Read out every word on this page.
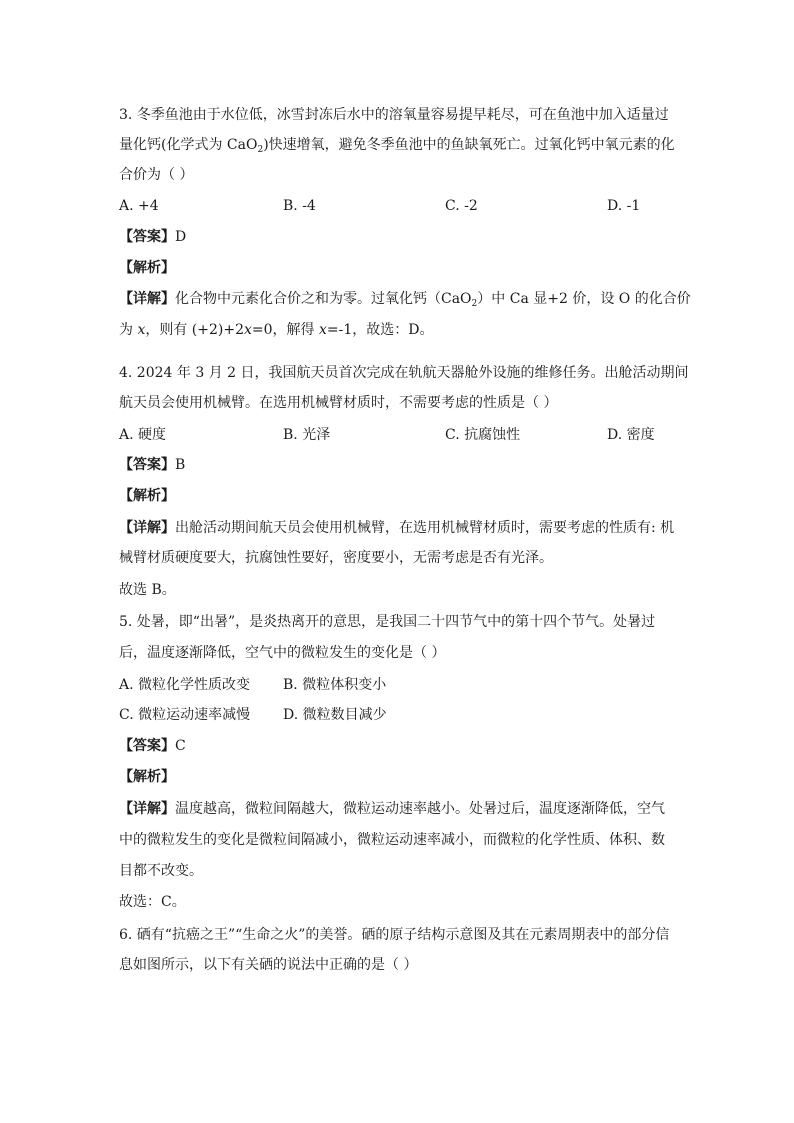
3. 冬季鱼池由于水位低，冰雪封冻后水中的溶氧量容易提早耗尽，可在鱼池中加入适量过
量化钙(化学式为 CaO$_2$)快速增氧，避免冬季鱼池中的鱼缺氧死亡。过氧化钙中氧元素的化
合价为（ ）
A. +4	B. -4	C. -2	D. -1
【答案】D
【解析】
【详解】化合物中元素化合价之和为零。过氧化钙（CaO$_2$）中 Ca 显+2 价，设 O 的化合价
为 x，则有 (+2)+2x=0，解得 x=-1，故选：D。
4. 2024 年 3 月 2 日，我国航天员首次完成在轨航天器舱外设施的维修任务。出舱活动期间
航天员会使用机械臂。在选用机械臂材质时，不需要考虑的性质是（ ）
A. 硬度	B. 光泽	C. 抗腐蚀性	D. 密度
【答案】B
【解析】
【详解】出舱活动期间航天员会使用机械臂，在选用机械臂材质时，需要考虑的性质有: 机
械臂材质硬度要大，抗腐蚀性要好，密度要小，无需考虑是否有光泽。
故选 B。
5. 处暑，即“出暑”，是炎热离开的意思，是我国二十四节气中的第十四个节气。处暑过
后，温度逐渐降低，空气中的微粒发生的变化是（ ）
A. 微粒化学性质改变 B. 微粒体积变小
C. 微粒运动速率减慢 D. 微粒数目减少
【答案】C
【解析】
【详解】温度越高，微粒间隔越大，微粒运动速率越小。处暑过后，温度逐渐降低，空气
中的微粒发生的变化是微粒间隔减小，微粒运动速率减小，而微粒的化学性质、体积、数
目都不改变。
故选：C。
6. 硒有“抗癌之王”“生命之火”的美誉。硒的原子结构示意图及其在元素周期表中的部分信
息如图所示，以下有关硒的说法中正确的是（ ）
